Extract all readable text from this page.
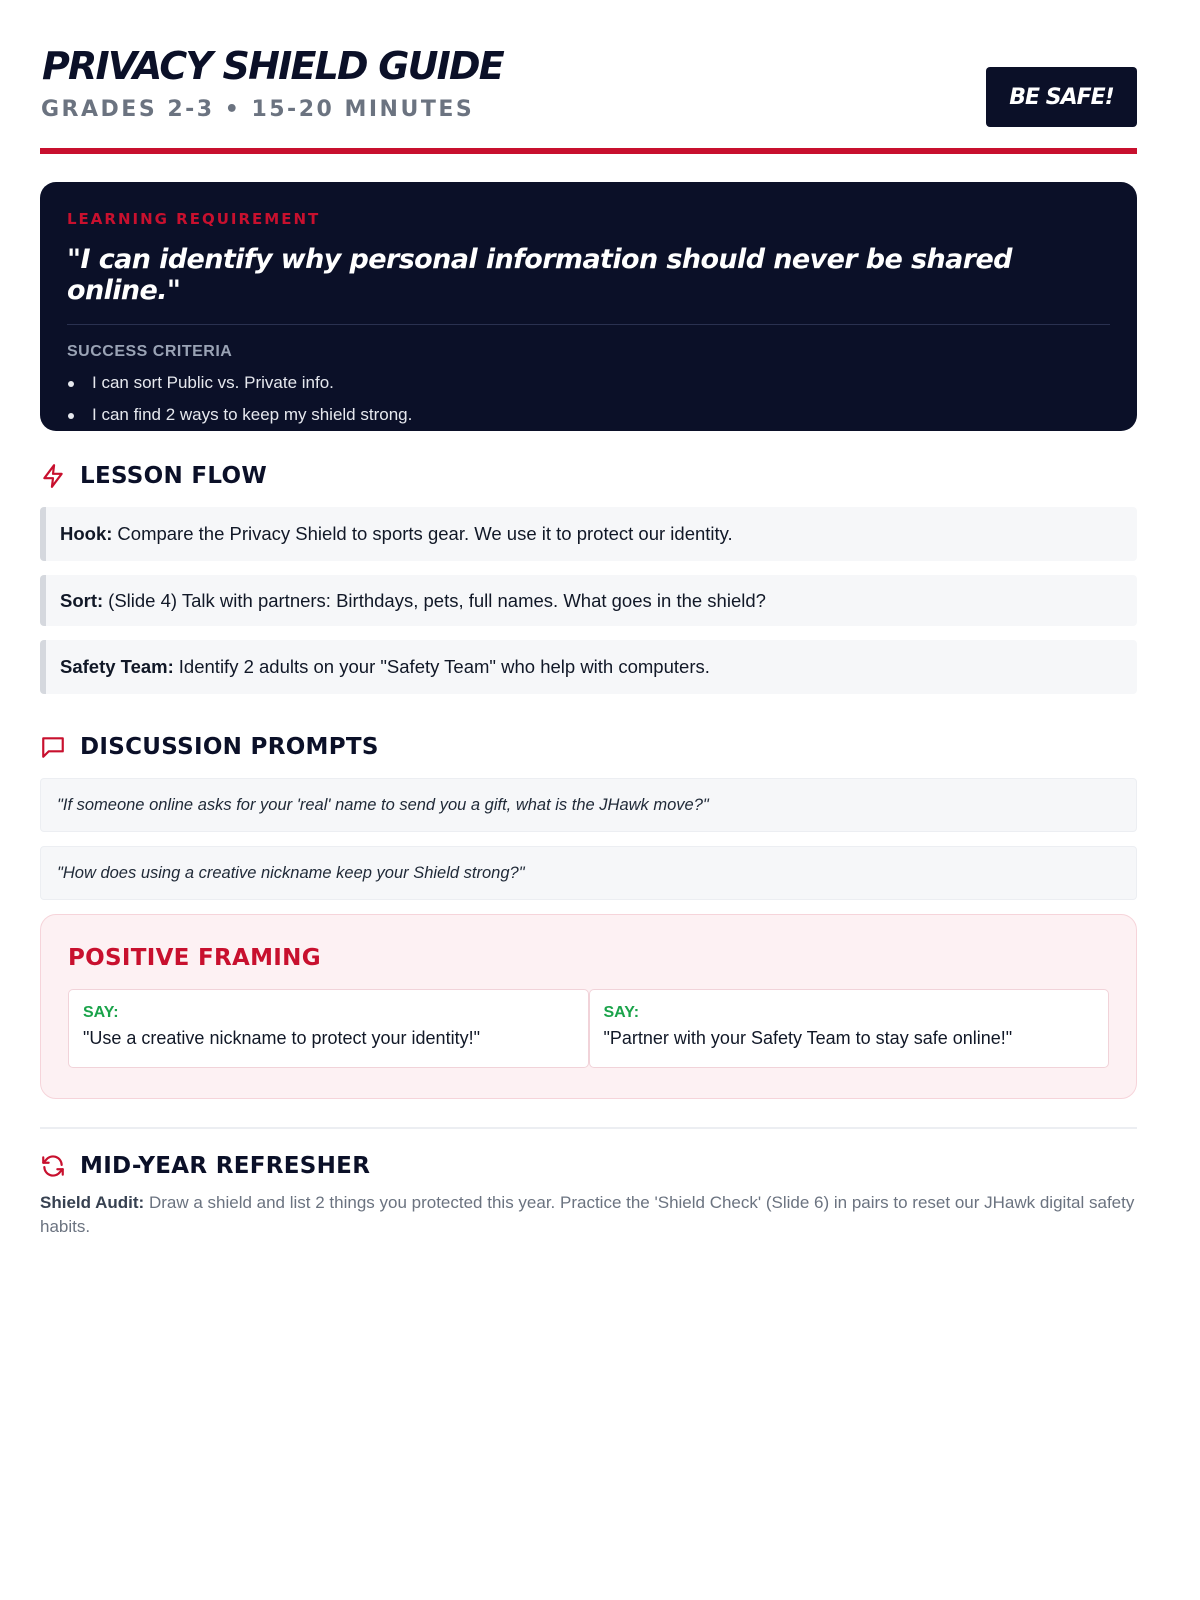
PRIVACY SHIELD GUIDE
GRADES 2-3 • 15-20 MINUTES	BE SAFE!
LEARNING REQUIREMENT
"I can identify why personal information should never be shared online."
SUCCESS CRITERIA
I can sort Public vs. Private info.
I can find 2 ways to keep my shield strong.
LESSON FLOW
Hook: Compare the Privacy Shield to sports gear. We use it to protect our identity.
Sort: (Slide 4) Talk with partners: Birthdays, pets, full names. What goes in the shield?
Safety Team: Identify 2 adults on your "Safety Team" who help with computers.
DISCUSSION PROMPTS
"If someone online asks for your 'real' name to send you a gift, what is the JHawk move?"
"How does using a creative nickname keep your Shield strong?"
POSITIVE FRAMING
SAY:
"Use a creative nickname to protect your identity!"
SAY:
"Partner with your Safety Team to stay safe online!"
MID-YEAR REFRESHER
Shield Audit: Draw a shield and list 2 things you protected this year. Practice the 'Shield Check' (Slide 6) in pairs to reset our JHawk digital safety habits.
